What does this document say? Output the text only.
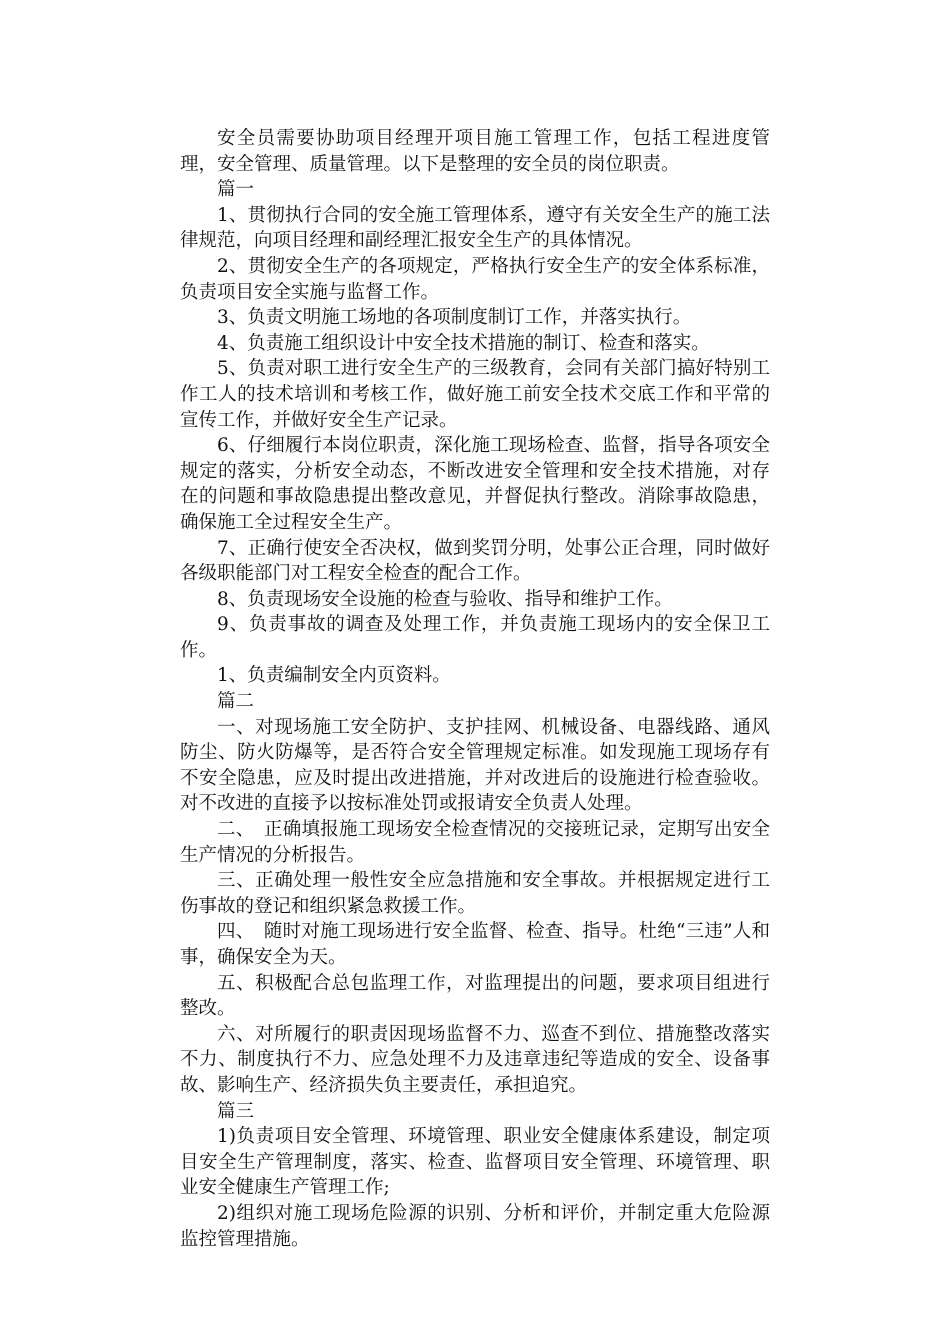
安全员需要协助项目经理开项目施工管理工作，包括工程进度管理，安全管理、质量管理。以下是整理的安全员的岗位职责。

篇一

1、贯彻执行合同的安全施工管理体系，遵守有关安全生产的施工法律规范，向项目经理和副经理汇报安全生产的具体情况。

2、贯彻安全生产的各项规定，严格执行安全生产的安全体系标准，负责项目安全实施与监督工作。

3、负责文明施工场地的各项制度制订工作，并落实执行。

4、负责施工组织设计中安全技术措施的制订、检查和落实。

5、负责对职工进行安全生产的三级教育，会同有关部门搞好特别工作工人的技术培训和考核工作，做好施工前安全技术交底工作和平常的宣传工作，并做好安全生产记录。

6、仔细履行本岗位职责，深化施工现场检查、监督，指导各项安全规定的落实，分析安全动态，不断改进安全管理和安全技术措施，对存在的问题和事故隐患提出整改意见，并督促执行整改。消除事故隐患，确保施工全过程安全生产。

7、正确行使安全否决权，做到奖罚分明，处事公正合理，同时做好各级职能部门对工程安全检查的配合工作。

8、负责现场安全设施的检查与验收、指导和维护工作。

9、负责事故的调查及处理工作，并负责施工现场内的安全保卫工作。

1、负责编制安全内页资料。

篇二

一、对现场施工安全防护、支护挂网、机械设备、电器线路、通风防尘、防火防爆等，是否符合安全管理规定标准。如发现施工现场存有不安全隐患，应及时提出改进措施，并对改进后的设施进行检查验收。对不改进的直接予以按标准处罚或报请安全负责人处理。

二、　正确填报施工现场安全检查情况的交接班记录，定期写出安全生产情况的分析报告。

三、正确处理一般性安全应急措施和安全事故。并根据规定进行工伤事故的登记和组织紧急救援工作。

四、　随时对施工现场进行安全监督、检查、指导。杜绝“三违”人和事，确保安全为天。

五、积极配合总包监理工作，对监理提出的问题，要求项目组进行整改。

六、对所履行的职责因现场监督不力、巡查不到位、措施整改落实不力、制度执行不力、应急处理不力及违章违纪等造成的安全、设备事故、影响生产、经济损失负主要责任，承担追究。

篇三

1)负责项目安全管理、环境管理、职业安全健康体系建设，制定项目安全生产管理制度，落实、检查、监督项目安全管理、环境管理、职业安全健康生产管理工作;

2)组织对施工现场危险源的识别、分析和评价，并制定重大危险源监控管理措施。
